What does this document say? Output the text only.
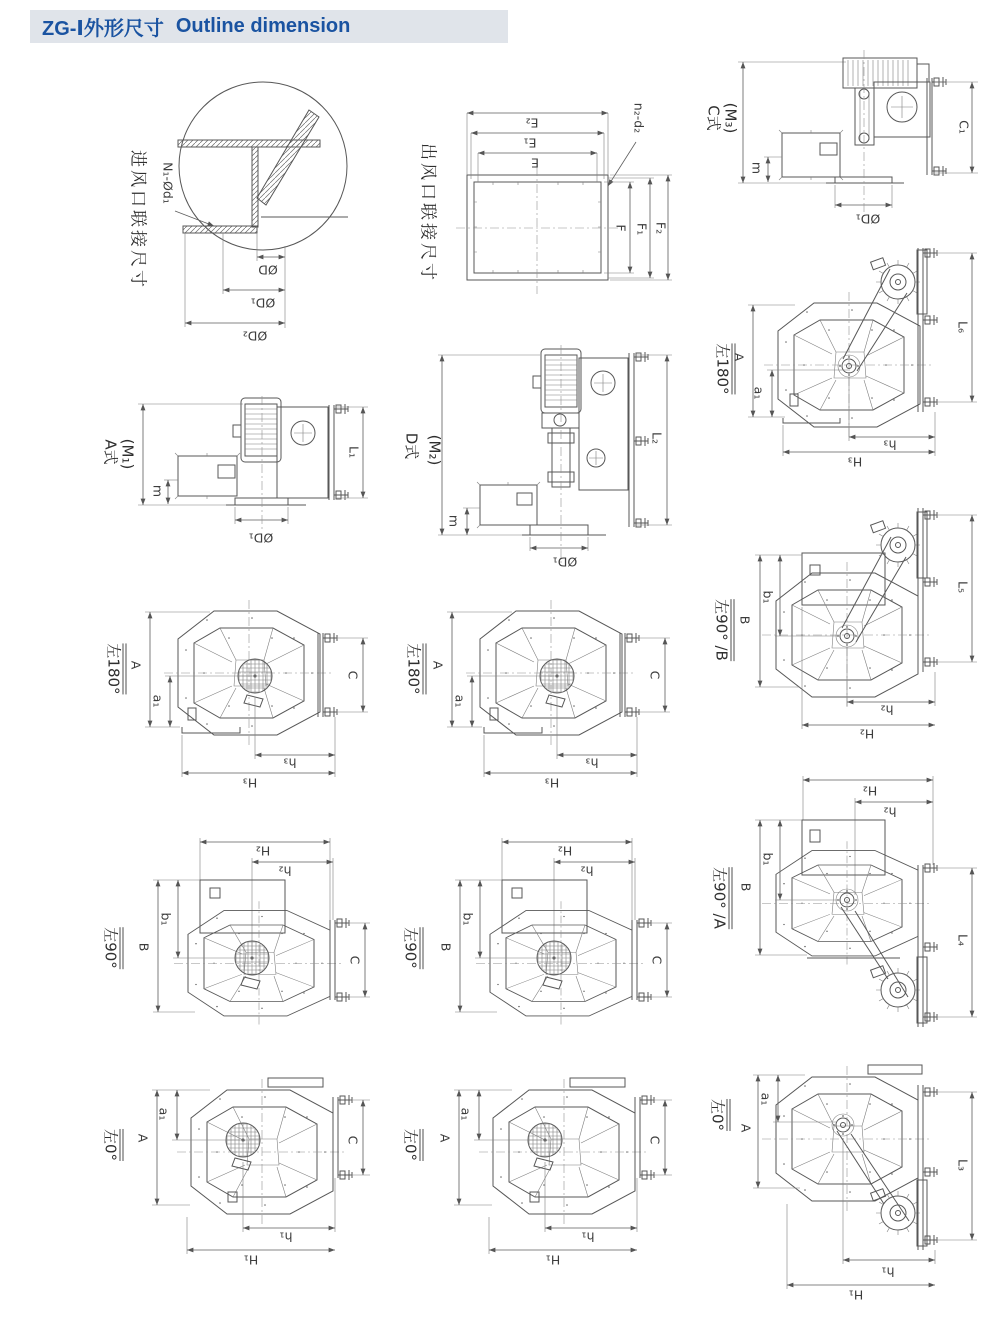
ZG-Ⅰ外形尺寸 Outline dimension
进风口联接尺寸 N₁-Ød₁
ØD
ØD₁
ØD₂
出风口联接尺寸
E₂
E₁
E
n₂-d₂
F F₁ F₂
C式 (M₃)
m
C₁
ØD₁
A式 (M₁)
m
L₁
ØD₁
D式 (M₂)
m
L₂
ØD₁
左180° A
a₁
L₆
h₃
H₃
左180° A
a₁
C
h₃
H₃
左180° A
a₁
C
h₃
H₃
左90° /B B
b₁
L₅
h₂
H₂
左90°
H₂
h₂
B
b₁
C	左90°
H₂
h₂
B
b₁
C
左90° /A
H₂
h₂
B
b₁
L₄
左0°	A
a₁
C
h₁
H₁
左0°	A
a₁
C
h₁
H₁
左0° A
a₁
L₃
h₁
H₁
